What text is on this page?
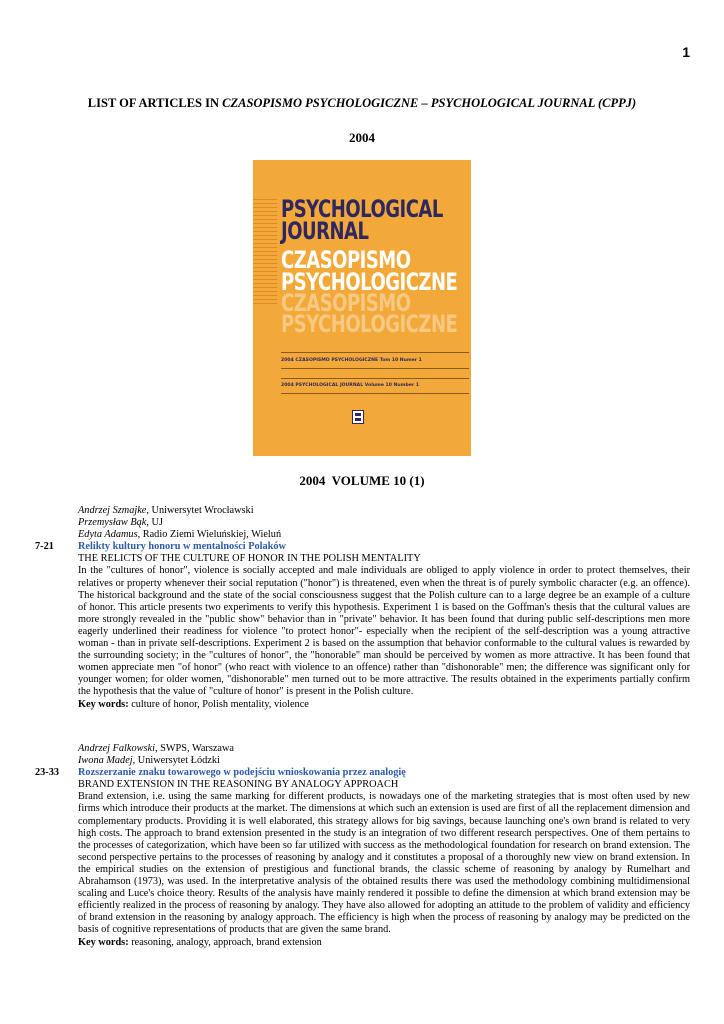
1
LIST OF ARTICLES IN CZASOPISMO PSYCHOLOGICZNE – PSYCHOLOGICAL JOURNAL (CPPJ)
2004
PSYCHOLOGICAL
JOURNAL
CZASOPISMO
PSYCHOLOGICZNE
CZASOPISMO
PSYCHOLOGICZNE
2004 CZASOPISMO PSYCHOLOGICZNE Tom 10 Numer 1
2004 PSYCHOLOGICAL JOURNAL Volume 10 Number 1
2004  VOLUME 10 (1)
Andrzej Szmajke, Uniwersytet Wrocławski
Przemysław Bąk, UJ
Edyta Adamus, Radio Ziemi Wieluńskiej, Wieluń
7-21 Relikty kultury honoru w mentalności Polaków
THE RELICTS OF THE CULTURE OF HONOR IN THE POLISH MENTALITY
In the "cultures of honor", violence is socially accepted and male individuals are obliged to apply violence in order to protect themselves, their relatives or property whenever their social reputation ("honor") is threatened, even when the threat is of purely symbolic character (e.g. an offence). The historical background and the state of the social consciousness suggest that the Polish culture can to a large degree be an example of a culture of honor. This article presents two experiments to verify this hypothesis. Experiment 1 is based on the Goffman's thesis that the cultural values are more strongly revealed in the "public show" behavior than in "private" behavior. It has been found that during public self-descriptions men more eagerly underlined their readiness for violence "to protect honor"- especially when the recipient of the self-description was a young attractive woman - than in private self-descriptions. Experiment 2 is based on the assumption that behavior conformable to the cultural values is rewarded by the surrounding society; in the "cultures of honor", the "honorable" man should be perceived by women as more attractive. It has been found that women appreciate men "of honor" (who react with violence to an offence) rather than "dishonorable" men; the difference was significant only for younger women; for older women, "dishonorable" men turned out to be more attractive. The results obtained in the experiments partially confirm the hypothesis that the value of "culture of honor" is present in the Polish culture.
Key words: culture of honor, Polish mentality, violence
Andrzej Falkowski, SWPS, Warszawa
Iwona Madej, Uniwersytet Łódzki
23-33 Rozszerzanie znaku towarowego w podejściu wnioskowania przez analogię
BRAND EXTENSION IN THE REASONING BY ANALOGY APPROACH
Brand extension, i.e. using the same marking for different products, is nowadays one of the marketing strategies that is most often used by new firms which introduce their products at the market. The dimensions at which such an extension is used are first of all the replacement dimension and complementary products. Providing it is well elaborated, this strategy allows for big savings, because launching one's own brand is related to very high costs. The approach to brand extension presented in the study is an integration of two different research perspectives. One of them pertains to the processes of categorization, which have been so far utilized with success as the methodological foundation for research on brand extension. The second perspective pertains to the processes of reasoning by analogy and it constitutes a proposal of a thoroughly new view on brand extension. In the empirical studies on the extension of prestigious and functional brands, the classic scheme of reasoning by analogy by Rumelhart and Abrahamson (1973), was used. In the interpretative analysis of the obtained results there was used the methodology combining multidimensional scaling and Luce's choice theory. Results of the analysis have mainly rendered it possible to define the dimension at which brand extension may be efficiently realized in the process of reasoning by analogy. They have also allowed for adopting an attitude to the problem of validity and efficiency of brand extension in the reasoning by analogy approach. The efficiency is high when the process of reasoning by analogy may be predicted on the basis of cognitive representations of products that are given the same brand.
Key words: reasoning, analogy, approach, brand extension
